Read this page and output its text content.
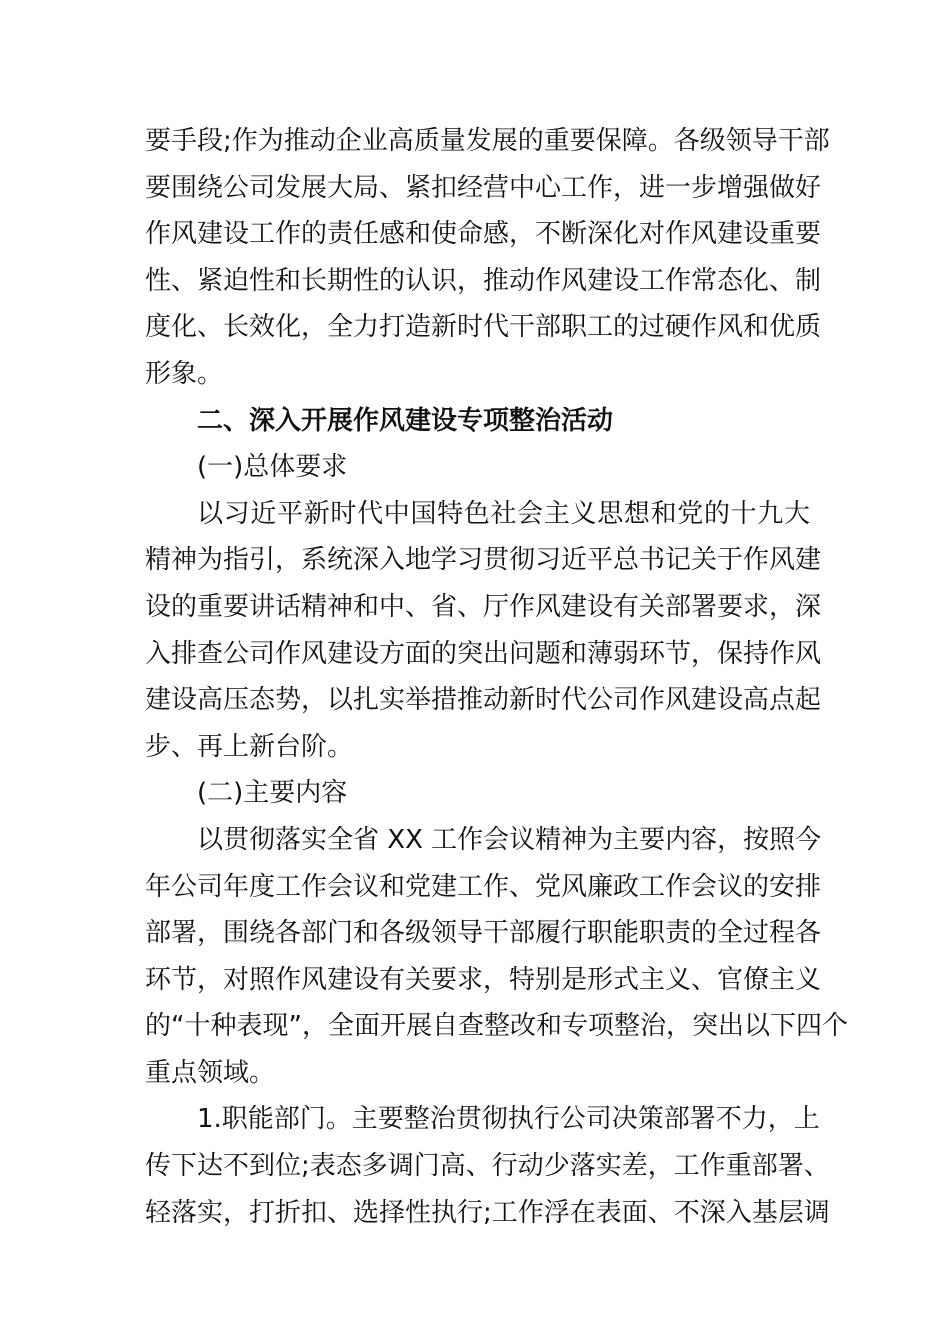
要手段;作为推动企业高质量发展的重要保障。各级领导干部
要围绕公司发展大局、紧扣经营中心工作，进一步增强做好
作风建设工作的责任感和使命感，不断深化对作风建设重要
性、紧迫性和长期性的认识，推动作风建设工作常态化、制
度化、长效化，全力打造新时代干部职工的过硬作风和优质
形象。
二、深入开展作风建设专项整治活动
(一)总体要求
以习近平新时代中国特色社会主义思想和党的十九大
精神为指引，系统深入地学习贯彻习近平总书记关于作风建
设的重要讲话精神和中、省、厅作风建设有关部署要求，深
入排查公司作风建设方面的突出问题和薄弱环节，保持作风
建设高压态势，以扎实举措推动新时代公司作风建设高点起
步、再上新台阶。
(二)主要内容
以贯彻落实全省 XX 工作会议精神为主要内容，按照今
年公司年度工作会议和党建工作、党风廉政工作会议的安排
部署，围绕各部门和各级领导干部履行职能职责的全过程各
环节，对照作风建设有关要求，特别是形式主义、官僚主义
的“十种表现”，全面开展自查整改和专项整治，突出以下四个
重点领域。
1.职能部门。主要整治贯彻执行公司决策部署不力，上
传下达不到位;表态多调门高、行动少落实差，工作重部署、
轻落实，打折扣、选择性执行;工作浮在表面、不深入基层调
